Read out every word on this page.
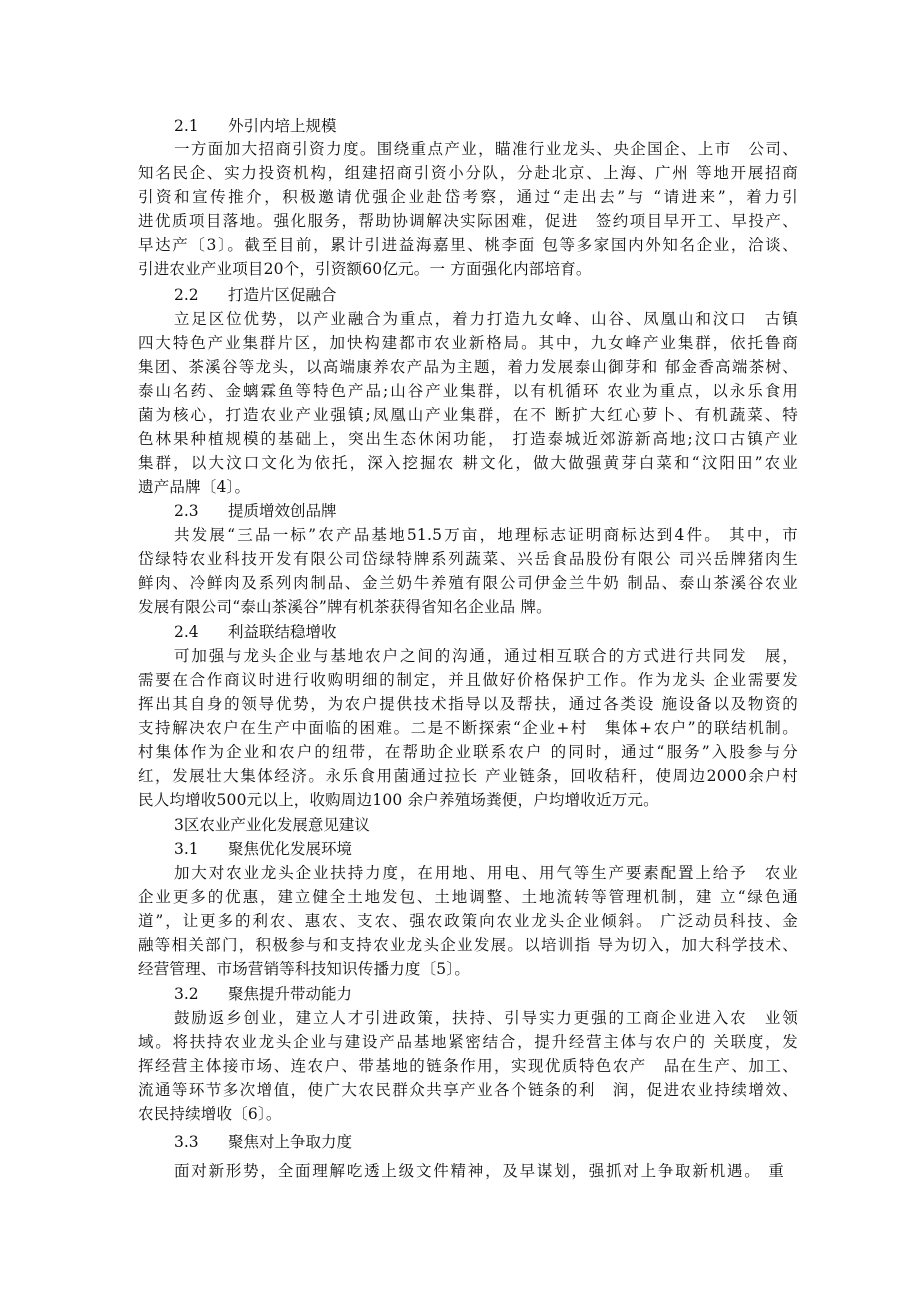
2.1 外引内培上规模
一方面加大招商引资力度。围绕重点产业，瞄准行业龙头、央企国企、上市　公司、
知名民企、实力投资机构，组建招商引资小分队，分赴北京、上海、广州 等地开展招商
引资和宣传推介，积极邀请优强企业赴岱考察，通过“走出去”与 “请进来”，着力引
进优质项目落地。强化服务，帮助协调解决实际困难，促进　签约项目早开工、早投产、
早达产〔3〕。截至目前，累计引进益海嘉里、桃李面 包等多家国内外知名企业，洽谈、
引进农业产业项目20个，引资额60亿元。一 方面强化内部培育。
2.2 打造片区促融合
立足区位优势，以产业融合为重点，着力打造九女峰、山谷、凤凰山和汶口　古镇
四大特色产业集群片区，加快构建都市农业新格局。其中，九女峰产业集群，依托鲁商
集团、茶溪谷等龙头，以高端康养农产品为主题，着力发展泰山御芽和 郁金香高端茶树、
泰山名药、金螭霖鱼等特色产品;山谷产业集群，以有机循环 农业为重点，以永乐食用
菌为核心，打造农业产业强镇;凤凰山产业集群，在不 断扩大红心萝卜、有机蔬菜、特
色林果种植规模的基础上，突出生态休闲功能， 打造泰城近郊游新高地;汶口古镇产业
集群，以大汶口文化为依托，深入挖掘农 耕文化，做大做强黄芽白菜和“汶阳田”农业
遗产品牌〔4〕。
2.3 提质增效创品牌
共发展“三品一标”农产品基地51.5万亩，地理标志证明商标达到4件。 其中，市
岱绿特农业科技开发有限公司岱绿特牌系列蔬菜、兴岳食品股份有限公 司兴岳牌猪肉生
鲜肉、冷鲜肉及系列肉制品、金兰奶牛养殖有限公司伊金兰牛奶 制品、泰山茶溪谷农业
发展有限公司“泰山茶溪谷”牌有机茶获得省知名企业品 牌。
2.4 利益联结稳增收
可加强与龙头企业与基地农户之间的沟通，通过相互联合的方式进行共同发　展，
需要在合作商议时进行收购明细的制定，并且做好价格保护工作。作为龙头 企业需要发
挥出其自身的领导优势，为农户提供技术指导以及帮扶，通过各类设 施设备以及物资的
支持解决农户在生产中面临的困难。二是不断探索“企业+村　集体+农户”的联结机制。
村集体作为企业和农户的纽带，在帮助企业联系农户 的同时，通过“服务”入股参与分
红，发展壮大集体经济。永乐食用菌通过拉长 产业链条，回收秸秆，使周边2000余户村
民人均增收500元以上，收购周边100 余户养殖场粪便，户均增收近万元。
3区农业产业化发展意见建议
3.1 聚焦优化发展环境
加大对农业龙头企业扶持力度，在用地、用电、用气等生产要素配置上给予　农业
企业更多的优惠，建立健全土地发包、土地调整、土地流转等管理机制，建 立“绿色通
道”，让更多的利农、惠农、支农、强农政策向农业龙头企业倾斜。 广泛动员科技、金
融等相关部门，积极参与和支持农业龙头企业发展。以培训指 导为切入，加大科学技术、
经营管理、市场营销等科技知识传播力度〔5〕。
3.2 聚焦提升带动能力
鼓励返乡创业，建立人才引进政策，扶持、引导实力更强的工商企业进入农　业领
域。将扶持农业龙头企业与建设产品基地紧密结合，提升经营主体与农户的 关联度，发
挥经营主体接市场、连农户、带基地的链条作用，实现优质特色农产　品在生产、加工、
流通等环节多次增值，使广大农民群众共享产业各个链条的利　润，促进农业持续增效、
农民持续增收〔6〕。
3.3 聚焦对上争取力度
面对新形势，全面理解吃透上级文件精神，及早谋划，强抓对上争取新机遇。 重
